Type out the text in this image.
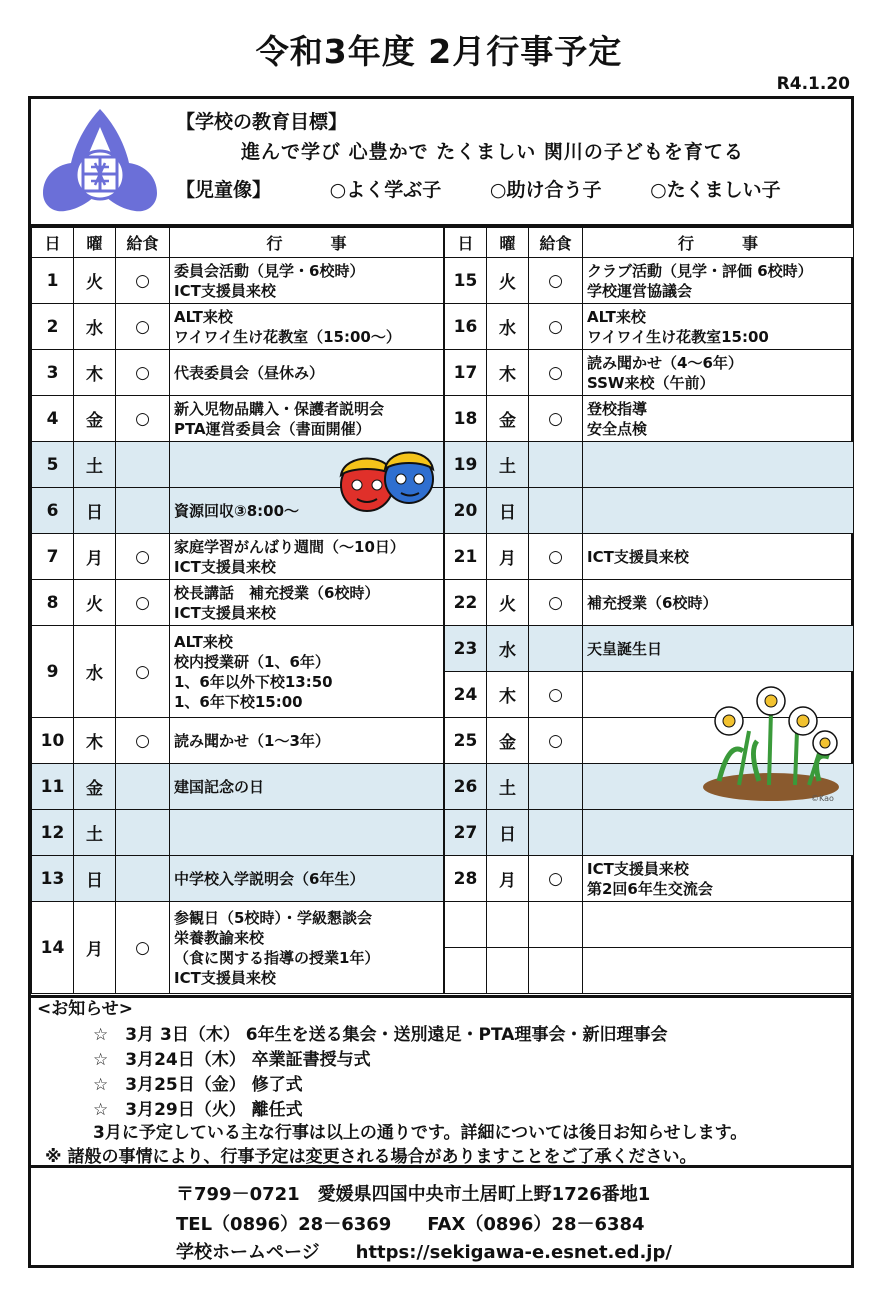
令和3年度 2月行事予定
R4.1.20
【学校の教育目標】
進んで学び 心豊かで たくましい 関川の子どもを育てる
【児童像】	○よく学ぶ子	○助け合う子	○たくましい子
日	曜	給食	行　　　事
1	火	○	委員会活動（見学・6校時）
ICT支援員来校

2	水	○	ALT来校
ワイワイ生け花教室（15:00～）

3	木	○	代表委員会（昼休み）

4	金	○	新入児物品購入・保護者説明会
PTA運営委員会（書面開催）

5	土		
6	日		資源回収③8:00～

7	月	○	家庭学習がんばり週間（～10日）
ICT支援員来校

8	火	○	校長講話　補充授業（6校時）
ICT支援員来校

9	水	○	ALT来校
校内授業研（1、6年）
1、6年以外下校13:50
1、6年下校15:00

10	木	○	読み聞かせ（1～3年）

11	金		建国記念の日

12	土		
13	日		中学校入学説明会（6年生）

14	月	○	参観日（5校時）・学級懇談会
栄養教諭来校
（食に関する指導の授業1年）
ICT支援員来校
日	曜	給食	行　　　事
15	火	○	クラブ活動（見学・評価 6校時）
学校運営協議会

16	水	○	ALT来校
ワイワイ生け花教室15:00

17	木	○	読み聞かせ（4～6年）
SSW来校（午前）

18	金	○	登校指導
安全点検

19	土		
20	日		
21	月	○	ICT支援員来校

22	火	○	補充授業（6校時）

23	水		天皇誕生日

24	木	○	
25	金	○	
26	土		
27	日		
28	月	○	ICT支援員来校
第2回6年生交流会

©Kao
<お知らせ>
☆　3月 3日（木） 6年生を送る集会・送別遠足・PTA理事会・新旧理事会
☆　3月24日（木） 卒業証書授与式
☆　3月25日（金） 修了式
☆　3月29日（火） 離任式
3月に予定している主な行事は以上の通りです。詳細については後日お知らせします。
※ 諸般の事情により、行事予定は変更される場合がありますことをご了承ください。
〒799－0721　愛媛県四国中央市土居町上野1726番地1
TEL（0896）28－6369　　FAX（0896）28－6384
学校ホームページ　　https://sekigawa-e.esnet.ed.jp/
